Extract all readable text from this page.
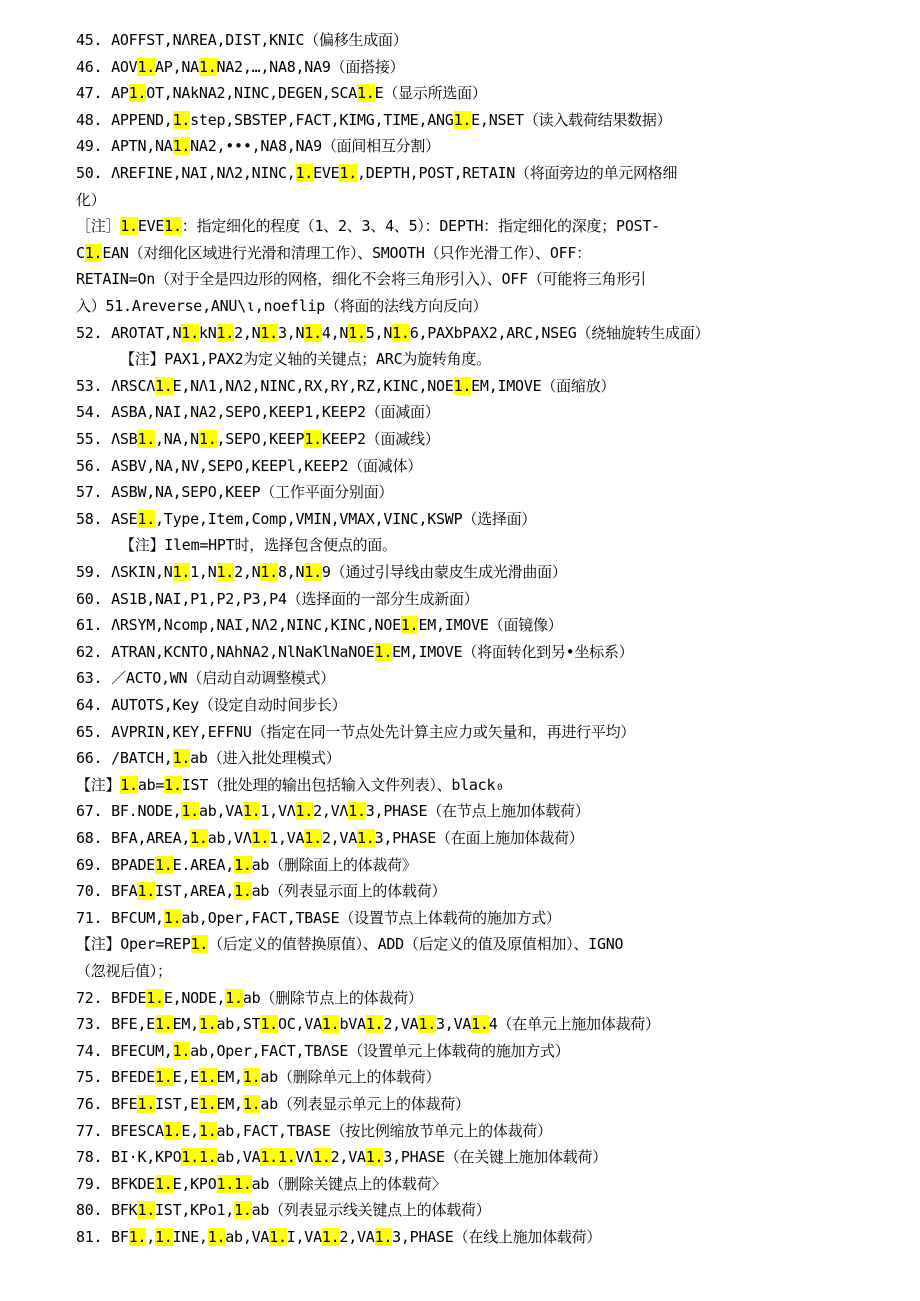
45. AOFFST,NΛREA,DIST,KNIC（偏移生成面）
46. AOV1.AP,NA1.NA2,…,NA8,NA9（面搭接）
47. AP1.OT,NAkNA2,NINC,DEGEN,SCA1.E（显示所选面）
48. APPEND,1.step,SBSTEP,FACT,KIMG,TIME,ANG1.E,NSET（读入载荷结果数据）
49. APTN,NA1.NA2,•••,NA8,NA9（面间相互分割）
50. ΛREFINE,NAI,NΛ2,NINC,1.EVE1.,DEPTH,POST,RETAIN（将面旁边的单元网格细
化）
［注］1.EVE1.：指定细化的程度（1、2、3、4、5）：DEPTH：指定细化的深度；POST-
C1.EAN（对细化区域进行光滑和清理工作）、SMOOTH（只作光滑工作）、OFF：
RETAIN=On（对于全是四边形的网格，细化不会将三角形引入）、OFF（可能将三角形引
入）51.Areverse,ANU\ι,noeflip（将面的法线方向反向）
52. AROTAT,N1.kN1.2,N1.3,N1.4,N1.5,N1.6,PAXbPAX2,ARC,NSEG（绕轴旋转生成面）
【注】PAX1,PAX2为定义轴的关键点；ARC为旋转角度。
53. ΛRSCΛ1.E,NΛ1,NΛ2,NINC,RX,RY,RZ,KINC,NOE1.EM,IMOVE（面缩放）
54. ASBA,NAI,NA2,SEPO,KEEP1,KEEP2（面减面）
55. ΛSB1.,NA,N1.,SEPO,KEEP1.KEEP2（面减线）
56. ASBV,NA,NV,SEPO,KEEPl,KEEP2（面减体）
57. ASBW,NA,SEPO,KEEP（工作平面分别面）
58. ASE1.,Type,Item,Comp,VMIN,VMAX,VINC,KSWP（选择面）
【注】Ilem=HPT时，选择包含便点的面。
59. ΛSKIN,N1.1,N1.2,N1.8,N1.9（通过引导线由蒙皮生成光滑曲面）
60. AS1B,NAI,P1,P2,P3,P4（选择面的一部分生成新面）
61. ΛRSYM,Ncomp,NAI,NΛ2,NINC,KINC,NOE1.EM,IMOVE（面镜像）
62. ATRAN,KCNTO,NAhNA2,NlNaKlNaNOE1.EM,IMOVE（将面转化到另•坐标系）
63. ／ACTO,WN（启动自动调整模式）
64. AUTOTS,Key（设定自动时间步长）
65. AVPRIN,KEY,EFFNU（指定在同一节点处先计算主应力或矢量和，再进行平均）
66. /BATCH,1.ab（进入批处理模式）
【注】1.ab=1.IST（批处理的输出包括输入文件列表）、black₀
67. BF.NODE,1.ab,VA1.1,VΛ1.2,VΛ1.3,PHASE（在节点上施加体载荷）
68. BFA,AREA,1.ab,VΛ1.1,VA1.2,VA1.3,PHASE（在面上施加体裁荷）
69. BPADE1.E.AREA,1.ab（删除面上的体裁荷》
70. BFA1.IST,AREA,1.ab（列表显示面上的体载荷）
71. BFCUM,1.ab,Oper,FACT,TBASE（设置节点上体载荷的施加方式）
【注】Oper=REP1.（后定义的值替换原值）、ADD（后定义的值及原值相加）、IGNO
（忽视后值）；
72. BFDE1.E,NODE,1.ab（删除节点上的体裁荷）
73. BFE,E1.EM,1.ab,ST1.OC,VA1.bVA1.2,VA1.3,VA1.4（在单元上施加体裁荷）
74. BFECUM,1.ab,Oper,FACT,TBΛSE（设置单元上体载荷的施加方式）
75. BFEDE1.E,E1.EM,1.ab（删除单元上的体载荷）
76. BFE1.IST,E1.EM,1.ab（列表显示单元上的体裁荷）
77. BFESCA1.E,1.ab,FACT,TBASE（按比例缩放节单元上的体裁荷）
78. BI·K,KPO1.1.ab,VA1.1.VΛ1.2,VA1.3,PHASE（在关键上施加体载荷）
79. BFKDE1.E,KPO1.1.ab（删除关键点上的体载荷〉
80. BFK1.IST,KPo1,1.ab（列表显示线关键点上的体载荷）
81. BF1.,1.INE,1.ab,VA1.I,VA1.2,VA1.3,PHASE（在线上施加体载荷）
